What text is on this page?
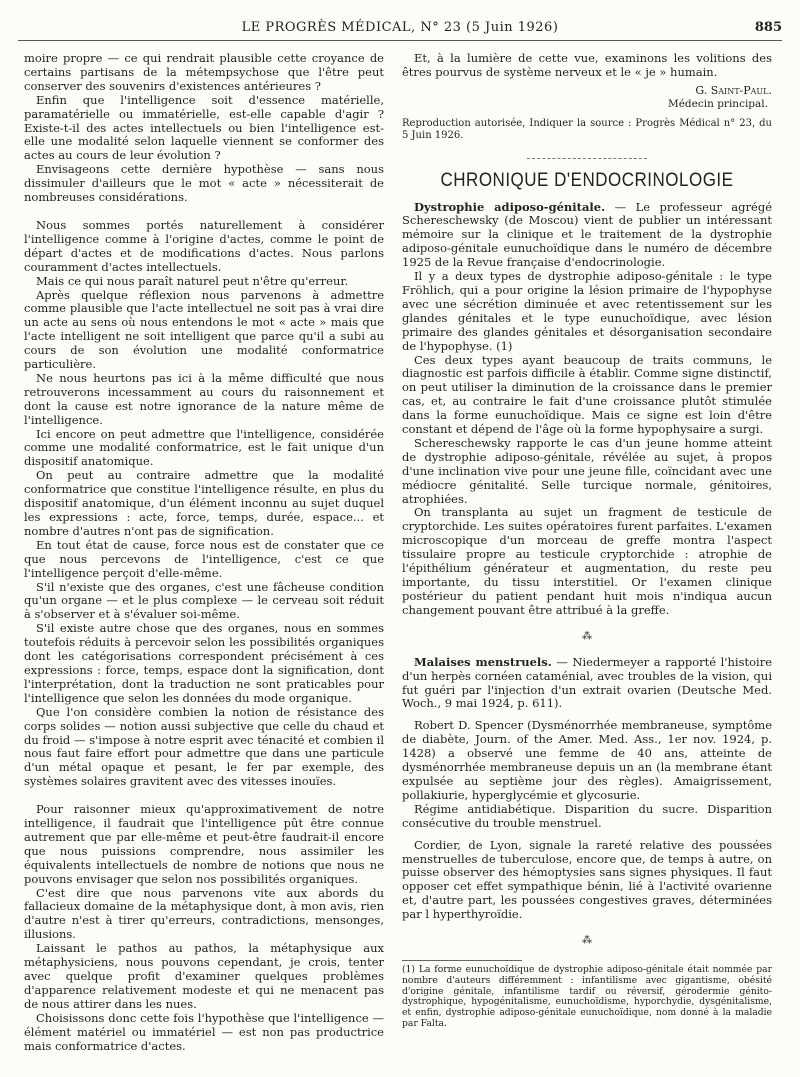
LE PROGRÈS MÉDICAL, N° 23 (5 Juin 1926)	885

moire propre — ce qui rendrait plausible cette croyance de certains partisans de la métempsychose que l'être peut conserver des souvenirs d'existences antérieures ?

Enfin que l'intelligence soit d'essence matérielle, paramatérielle ou immatérielle, est-elle capable d'agir ? Existe-t-il des actes intellectuels ou bien l'intelligence est-elle une modalité selon laquelle viennent se conformer des actes au cours de leur évolution ?

Envisageons cette dernière hypothèse — sans nous dissimuler d'ailleurs que le mot « acte » nécessiterait de nombreuses considérations.

Nous sommes portés naturellement à considérer l'intelligence comme à l'origine d'actes, comme le point de départ d'actes et de modifications d'actes. Nous parlons couramment d'actes intellectuels.

Mais ce qui nous paraît naturel peut n'être qu'erreur.

Après quelque réflexion nous parvenons à admettre comme plausible que l'acte intellectuel ne soit pas à vrai dire un acte au sens où nous entendons le mot « acte » mais que l'acte intelligent ne soit intelligent que parce qu'il a subi au cours de son évolution une modalité conformatrice particulière.

Ne nous heurtons pas ici à la même difficulté que nous retrouverons incessamment au cours du raisonnement et dont la cause est notre ignorance de la nature même de l'intelligence.

Ici encore on peut admettre que l'intelligence, considérée comme une modalité conformatrice, est le fait unique d'un dispositif anatomique.

On peut au contraire admettre que la modalité conformatrice que constitue l'intelligence résulte, en plus du dispositif anatomique, d'un élément inconnu au sujet duquel les expressions : acte, force, temps, durée, espace... et nombre d'autres n'ont pas de signification.

En tout état de cause, force nous est de constater que ce que nous percevons de l'intelligence, c'est ce que l'intelligence perçoit d'elle-même.

S'il n'existe que des organes, c'est une fâcheuse condition qu'un organe — et le plus complexe — le cerveau soit réduit à s'observer et à s'évaluer soi-même.

S'il existe autre chose que des organes, nous en sommes toutefois réduits à percevoir selon les possibilités organiques dont les catégorisations correspondent précisément à ces expressions : force, temps, espace dont la signification, dont l'interprétation, dont la traduction ne sont praticables pour l'intelligence que selon les données du mode organique.

Que l'on considère combien la notion de résistance des corps solides — notion aussi subjective que celle du chaud et du froid — s'impose à notre esprit avec ténacité et combien il nous faut faire effort pour admettre que dans une particule d'un métal opaque et pesant, le fer par exemple, des systèmes solaires gravitent avec des vitesses inouïes.

Pour raisonner mieux qu'approximativement de notre intelligence, il faudrait que l'intelligence pût être connue autrement que par elle-même et peut-être faudrait-il encore que nous puissions comprendre, nous assimiler les équivalents intellectuels de nombre de notions que nous ne pouvons envisager que selon nos possibilités organiques.

C'est dire que nous parvenons vite aux abords du fallacieux domaine de la métaphysique dont, à mon avis, rien d'autre n'est à tirer qu'erreurs, contradictions, mensonges, illusions.

Laissant le pathos au pathos, la métaphysique aux métaphysiciens, nous pouvons cependant, je crois, tenter avec quelque profit d'examiner quelques problèmes d'apparence relativement modeste et qui ne menacent pas de nous attirer dans les nues.

Choisissons donc cette fois l'hypothèse que l'intelligence — élément matériel ou immatériel — est non pas productrice mais conformatrice d'actes.

Et, à la lumière de cette vue, examinons les volitions des êtres pourvus de système nerveux et le « je » humain.

G. Saint-Paul.
Médecin principal.
Reproduction autorisée, Indiquer la source : Progrès Médical n° 23, du 5 Juin 1926.
CHRONIQUE D'ENDOCRINOLOGIE

Dystrophie adiposo-génitale. — Le professeur agrégé Schereschewsky (de Moscou) vient de publier un intéressant mémoire sur la clinique et le traitement de la dystrophie adiposo-génitale eunuchoïdique dans le numéro de décembre 1925 de la Revue française d'endocrinologie.

Il y a deux types de dystrophie adiposo-génitale : le type Fröhlich, qui a pour origine la lésion primaire de l'hypophyse avec une sécrétion diminuée et avec retentissement sur les glandes génitales et le type eunuchoïdique, avec lésion primaire des glandes génitales et désorganisation secondaire de l'hypophyse. (1)

Ces deux types ayant beaucoup de traits communs, le diagnostic est parfois difficile à établir. Comme signe distinctif, on peut utiliser la diminution de la croissance dans le premier cas, et, au contraire le fait d'une croissance plutôt stimulée dans la forme eunuchoïdique. Mais ce signe est loin d'être constant et dépend de l'âge où la forme hypophysaire a surgi.

Schereschewsky rapporte le cas d'un jeune homme atteint de dystrophie adiposo-génitale, révélée au sujet, à propos d'une inclination vive pour une jeune fille, coïncidant avec une médiocre génitalité. Selle turcique normale, génitoires, atrophiées.

On transplanta au sujet un fragment de testicule de cryptorchide. Les suites opératoires furent parfaites. L'examen microscopique d'un morceau de greffe montra l'aspect tissulaire propre au testicule cryptorchide : atrophie de l'épithélium générateur et augmentation, du reste peu importante, du tissu interstitiel. Or l'examen clinique postérieur du patient pendant huit mois n'indiqua aucun changement pouvant être attribué à la greffe.

⁂

Malaises menstruels. — Niedermeyer a rapporté l'histoire d'un herpès cornéen cataménial, avec troubles de la vision, qui fut guéri par l'injection d'un extrait ovarien (Deutsche Med. Woch., 9 mai 1924, p. 611).

Robert D. Spencer (Dysménorrhée membraneuse, symptôme de diabète, Journ. of the Amer. Med. Ass., 1er nov. 1924, p. 1428) a observé une femme de 40 ans, atteinte de dysménorrhée membraneuse depuis un an (la membrane étant expulsée au septième jour des règles). Amaigrissement, pollakiurie, hyperglycémie et glycosurie.

Régime antidiabétique. Disparition du sucre. Disparition consécutive du trouble menstruel.

Cordier, de Lyon, signale la rareté relative des poussées menstruelles de tuberculose, encore que, de temps à autre, on puisse observer des hémoptysies sans signes physiques. Il faut opposer cet effet sympathique bénin, lié à l'activité ovarienne et, d'autre part, les poussées congestives graves, déterminées par l hyperthyroïdie.

⁂
(1) La forme eunuchoïdique de dystrophie adiposo-génitale était nommée par nombre d'auteurs différemment : infantilisme avec gigantisme, obésité d'origine génitale, infantilisme tardif ou réversif, gérodermie génito-dystrophique, hypogénitalisme, eunuchoïdisme, hyporchydie, dysgénitalisme, et enfin, dystrophie adiposo-génitale eunuchoïdique, nom donné à la maladie par Falta.
